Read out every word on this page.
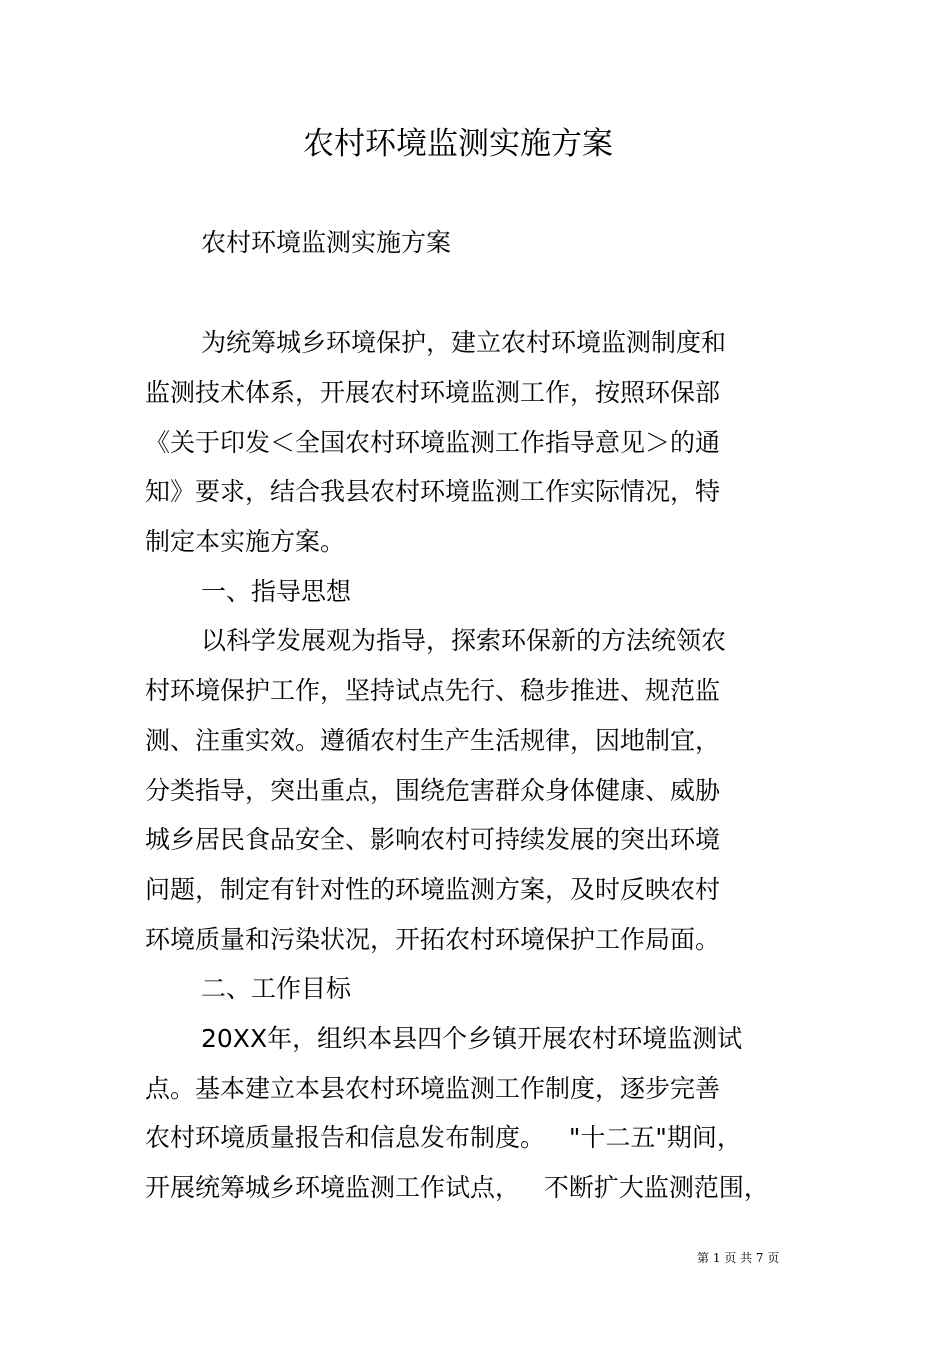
农村环境监测实施方案

农村环境监测实施方案

为统筹城乡环境保护，建立农村环境监测制度和

监测技术体系，开展农村环境监测工作，按照环保部

《关于印发＜全国农村环境监测工作指导意见＞的通

知》要求，结合我县农村环境监测工作实际情况，特

制定本实施方案。

一、指导思想

以科学发展观为指导，探索环保新的方法统领农

村环境保护工作，坚持试点先行、稳步推进、规范监

测、注重实效。遵循农村生产生活规律，因地制宜，

分类指导，突出重点，围绕危害群众身体健康、威胁

城乡居民食品安全、影响农村可持续发展的突出环境

问题，制定有针对性的环境监测方案，及时反映农村

环境质量和污染状况，开拓农村环境保护工作局面。

二、工作目标

20XX年，组织本县四个乡镇开展农村环境监测试

点。基本建立本县农村环境监测工作制度，逐步完善

农村环境质量报告和信息发布制度。   "十二五"期间，

开展统筹城乡环境监测工作试点，   不断扩大监测范围，

第 1 页 共 7 页
